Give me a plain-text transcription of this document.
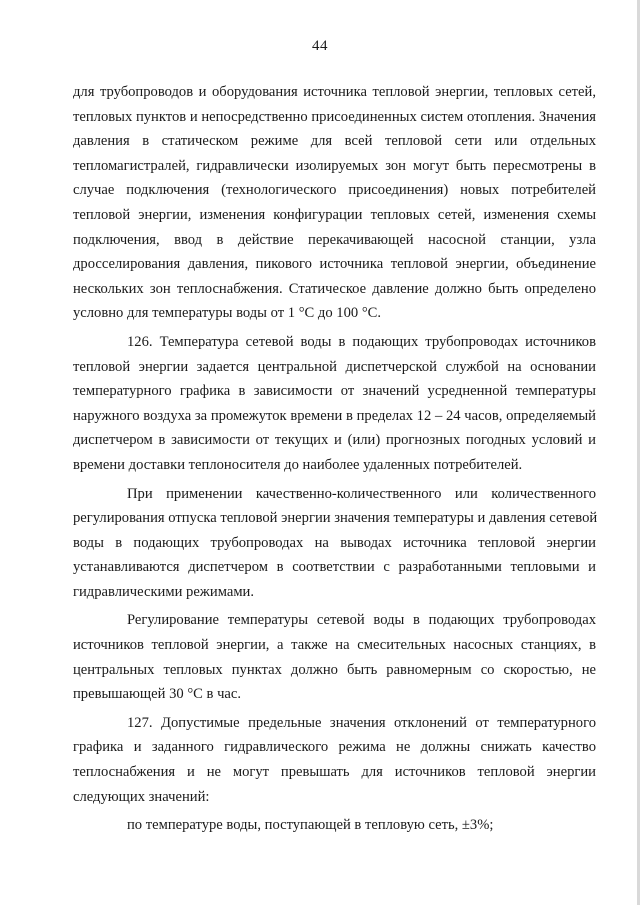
44
для трубопроводов и оборудования источника тепловой энергии, тепловых сетей,
тепловых пунктов и непосредственно присоединенных систем отопления. Значения
давления в статическом режиме для всей тепловой сети или отдельных
тепломагистралей, гидравлически изолируемых зон могут быть пересмотрены в
случае подключения (технологического присоединения) новых потребителей
тепловой энергии, изменения конфигурации тепловых сетей, изменения схемы
подключения, ввод в действие перекачивающей насосной станции, узла
дросселирования давления, пикового источника тепловой энергии, объединение
нескольких зон теплоснабжения. Статическое давление должно быть определено
условно для температуры воды от 1 °С до 100 °С.
126. Температура сетевой воды в подающих трубопроводах источников
тепловой энергии задается центральной диспетчерской службой на основании
температурного графика в зависимости от значений усредненной температуры
наружного воздуха за промежуток времени в пределах 12 – 24 часов, определяемый
диспетчером в зависимости от текущих и (или) прогнозных погодных условий и
времени доставки теплоносителя до наиболее удаленных потребителей.
При применении качественно-количественного или количественного
регулирования отпуска тепловой энергии значения температуры и давления сетевой
воды в подающих трубопроводах на выводах источника тепловой энергии
устанавливаются диспетчером в соответствии с разработанными тепловыми и
гидравлическими режимами.
Регулирование температуры сетевой воды в подающих трубопроводах
источников тепловой энергии, а также на смесительных насосных станциях, в
центральных тепловых пунктах должно быть равномерным со скоростью, не
превышающей 30 °С в час.
127. Допустимые предельные значения отклонений от температурного
графика и заданного гидравлического режима не должны снижать качество
теплоснабжения и не могут превышать для источников тепловой энергии
следующих значений:
по температуре воды, поступающей в тепловую сеть, ±3%;
